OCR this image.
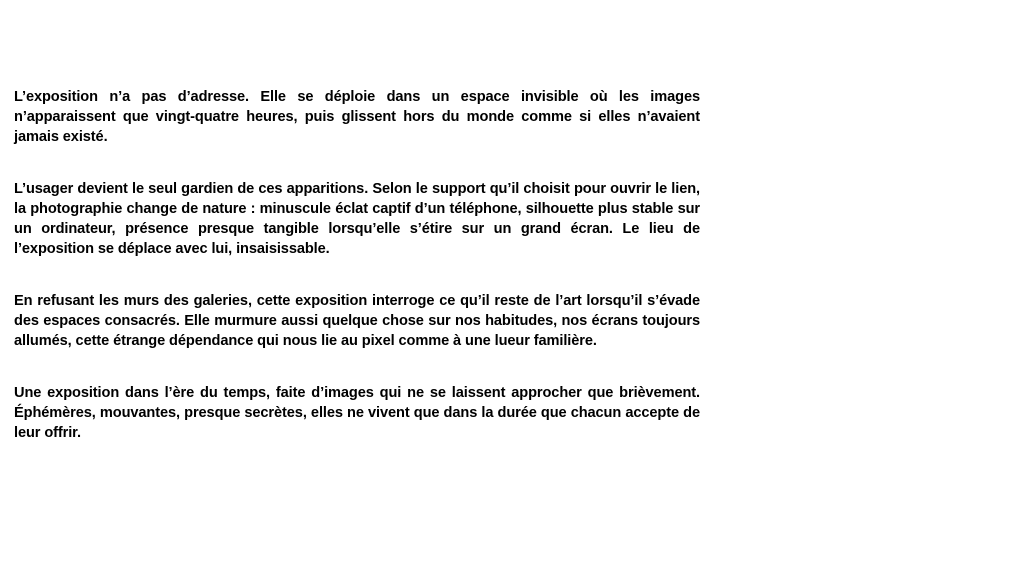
L’exposition n’a pas d’adresse. Elle se déploie dans un espace invisible où les images n’apparaissent que vingt-quatre heures, puis glissent hors du monde comme si elles n’avaient jamais existé.

L’usager devient le seul gardien de ces apparitions. Selon le support qu’il choisit pour ouvrir le lien, la photographie change de nature : minuscule éclat captif d’un téléphone, silhouette plus stable sur un ordinateur, présence presque tangible lorsqu’elle s’étire sur un grand écran. Le lieu de l’exposition se déplace avec lui, insaisissable.

En refusant les murs des galeries, cette exposition interroge ce qu’il reste de l’art lorsqu’il s’évade des espaces consacrés. Elle murmure aussi quelque chose sur nos habitudes, nos écrans toujours allumés, cette étrange dépendance qui nous lie au pixel comme à une lueur familière.

Une exposition dans l’ère du temps, faite d’images qui ne se laissent approcher que brièvement. Éphémères, mouvantes, presque secrètes, elles ne vivent que dans la durée que chacun accepte de leur offrir.
